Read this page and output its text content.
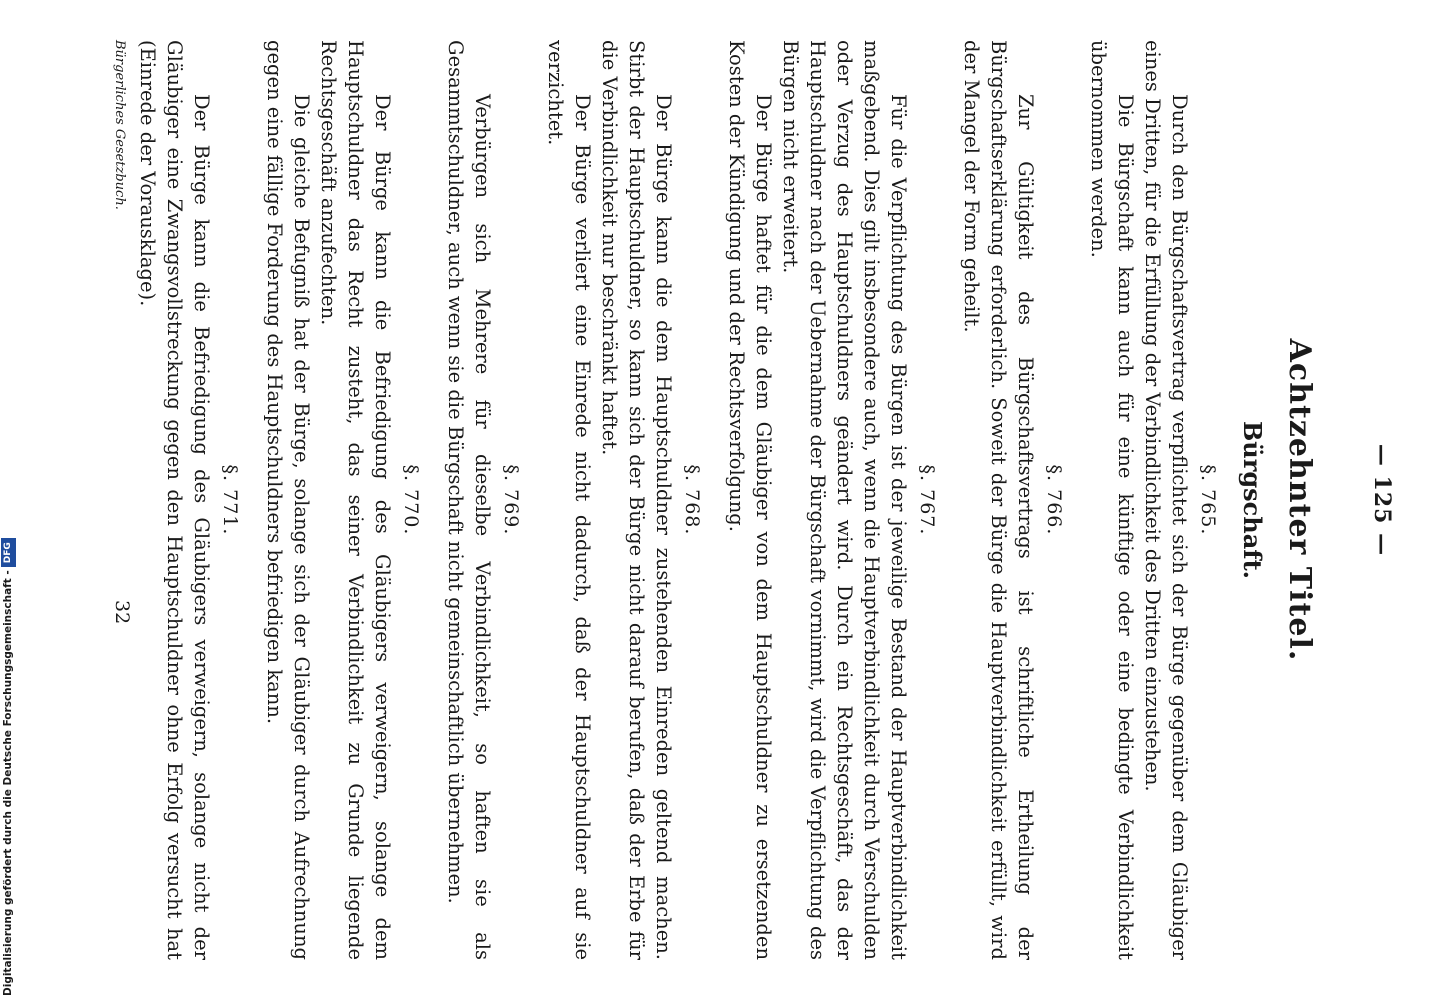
— 125 —
Achtzehnter Titel.
Bürgschaft.
§. 765.

Durch den Bürgschaftsvertrag verpflichtet sich der Bürge gegenüber dem Gläubiger eines Dritten, für die Erfüllung der Verbindlichkeit des Dritten einzustehen.

Die Bürgschaft kann auch für eine künftige oder eine bedingte Verbindlichkeit übernommen werden.

§. 766.

Zur Gültigkeit des Bürgschaftsvertrags ist schriftliche Ertheilung der Bürgschaftserklärung erforderlich. Soweit der Bürge die Hauptverbindlichkeit erfüllt, wird der Mangel der Form geheilt.

§. 767.

Für die Verpflichtung des Bürgen ist der jeweilige Bestand der Hauptverbindlichkeit maßgebend. Dies gilt insbesondere auch, wenn die Hauptverbindlichkeit durch Verschulden oder Verzug des Hauptschuldners geändert wird. Durch ein Rechtsgeschäft, das der Hauptschuldner nach der Uebernahme der Bürgschaft vornimmt, wird die Verpflichtung des Bürgen nicht erweitert.

Der Bürge haftet für die dem Gläubiger von dem Hauptschuldner zu ersetzenden Kosten der Kündigung und der Rechtsverfolgung.

§. 768.

Der Bürge kann die dem Hauptschuldner zustehenden Einreden geltend machen. Stirbt der Hauptschuldner, so kann sich der Bürge nicht darauf berufen, daß der Erbe für die Verbindlichkeit nur beschränkt haftet.

Der Bürge verliert eine Einrede nicht dadurch, daß der Hauptschuldner auf sie verzichtet.

§. 769.

Verbürgen sich Mehrere für dieselbe Verbindlichkeit, so haften sie als Gesammtschuldner, auch wenn sie die Bürgschaft nicht gemeinschaftlich übernehmen.

§. 770.

Der Bürge kann die Befriedigung des Gläubigers verweigern, solange dem Hauptschuldner das Recht zusteht, das seiner Verbindlichkeit zu Grunde liegende Rechtsgeschäft anzufechten.

Die gleiche Befugniß hat der Bürge, solange sich der Gläubiger durch Aufrechnung gegen eine fällige Forderung des Hauptschuldners befriedigen kann.

§. 771.

Der Bürge kann die Befriedigung des Gläubigers verweigern, solange nicht der Gläubiger eine Zwangsvollstreckung gegen den Hauptschuldner ohne Erfolg versucht hat (Einrede der Vorausklage).

Bürgerliches Gesetzbuch.
32
Digitalisierung gefördert durch die Deutsche Forschungsgemeinschaft -
DFG
